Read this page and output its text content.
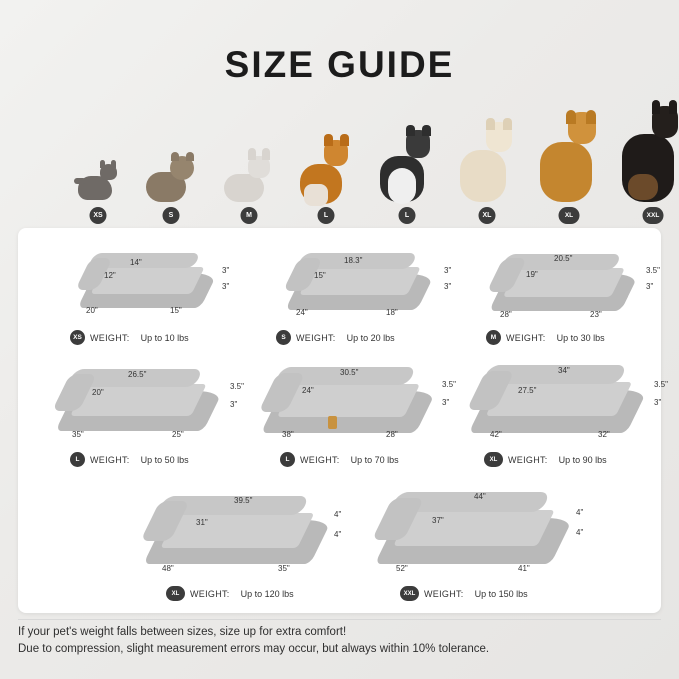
SIZE GUIDE
XS	S	M	L	L	XL	XL	XXL
14"
12"
20"	15"
3"
3"
XS WEIGHT: Up to 10 lbs
18.3"
15"
24"	18"
3"
3"
S	WEIGHT: Up to 20 lbs
20.5"
19"
28"	23"
3.5"
3"
M	WEIGHT: Up to 30 lbs
26.5"
20"
35"	25"
3.5"
3"
L	WEIGHT: Up to 50 lbs
30.5"
24"
38"	28"
3.5"
3"
L	WEIGHT: Up to 70 lbs
34"
27.5"
42"	32"
3.5"
3"
XL	WEIGHT: Up to 90 lbs
39.5"
31"
48"	35"
4"
4"
XL	WEIGHT: Up to 120 lbs
44"
37"
52"	41"
4"
4"
XXL WEIGHT: Up to 150 lbs
If your pet's weight falls between sizes, size up for extra comfort!
Due to compression, slight measurement errors may occur, but always within 10% tolerance.
